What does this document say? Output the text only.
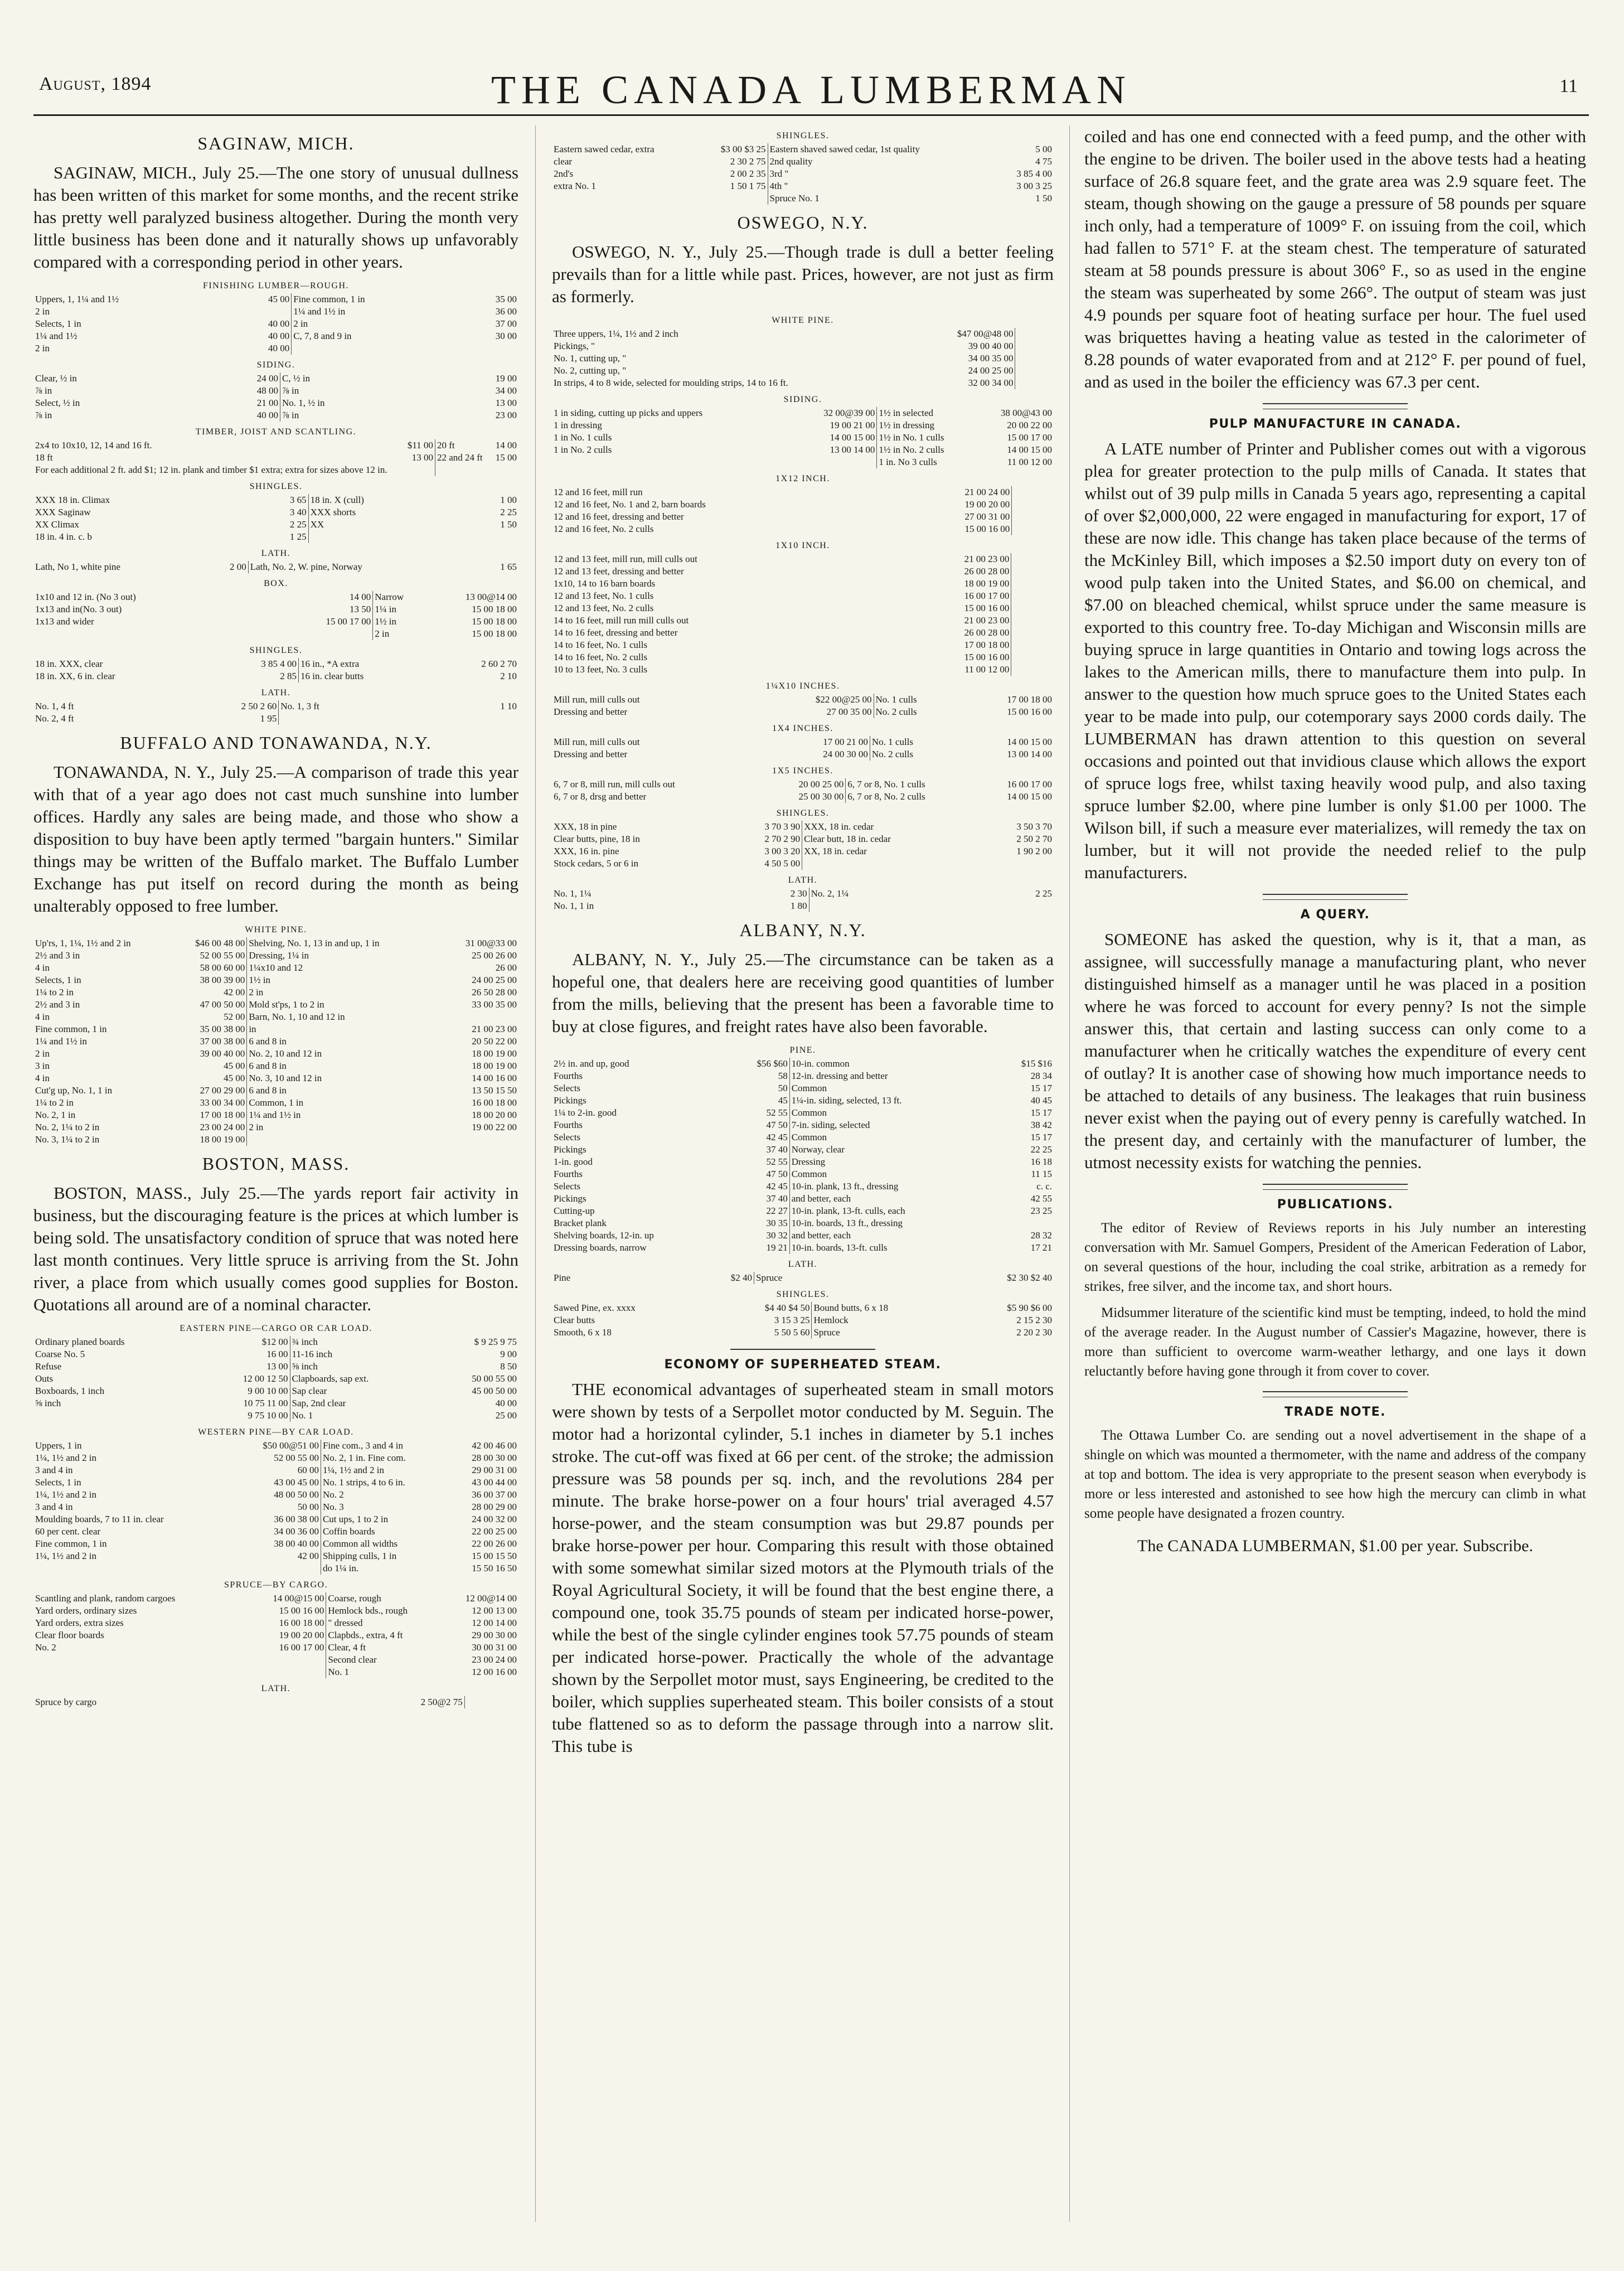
August, 1894	THE CANADA LUMBERMAN	11
SAGINAW, MICH.

SAGINAW, MICH., July 25.—The one story of unusual dullness has been written of this market for some months, and the recent strike has pretty well paralyzed business altogether. During the month very little business has been done and it naturally shows up unfavorably compared with a corresponding period in other years.

FINISHING LUMBER—ROUGH.
Uppers, 1, 1¼ and 1½	45 00	Fine common, 1 in	35 00
2 in		1¼ and 1½ in	36 00
Selects, 1 in	40 00	2 in	37 00
1¼ and 1½	40 00	C, 7, 8 and 9 in	30 00
2 in	40 00		
SIDING.
Clear, ½ in	24 00	C, ½ in	19 00
⅞ in	48 00	⅞ in	34 00
Select, ½ in	21 00	No. 1, ½ in	13 00
⅞ in	40 00	⅞ in	23 00
TIMBER, JOIST AND SCANTLING.
2x4 to 10x10, 12, 14 and 16 ft.	$11 00	20 ft	14 00
18 ft	13 00	22 and 24 ft	15 00
For each additional 2 ft. add $1; 12 in. plank and timber $1 extra; extra for sizes above 12 in.			
SHINGLES.
XXX 18 in. Climax	3 65	18 in. X (cull)	1 00
XXX Saginaw	3 40	XXX shorts	2 25
XX Climax	2 25	XX	1 50
18 in. 4 in. c. b	1 25		
LATH.
Lath, No 1, white pine	2 00	Lath, No. 2, W. pine, Norway	1 65
BOX.
1x10 and 12 in. (No 3 out)	14 00	Narrow	13 00@14 00
1x13 and in(No. 3 out)	13 50	1¼ in	15 00 18 00
1x13 and wider	15 00 17 00	1½ in	15 00 18 00
		2 in	15 00 18 00
SHINGLES.
18 in. XXX, clear	3 85 4 00	16 in., *A extra	2 60 2 70
18 in. XX, 6 in. clear	2 85	16 in. clear butts	2 10
LATH.
No. 1, 4 ft	2 50 2 60	No. 1, 3 ft	1 10
No. 2, 4 ft	1 95		
BUFFALO AND TONAWANDA, N.Y.

TONAWANDA, N. Y., July 25.—A comparison of trade this year with that of a year ago does not cast much sunshine into lumber offices. Hardly any sales are being made, and those who show a disposition to buy have been aptly termed "bargain hunters." Similar things may be written of the Buffalo market. The Buffalo Lumber Exchange has put itself on record during the month as being unalterably opposed to free lumber.

WHITE PINE.
Up'rs, 1, 1¼, 1½ and 2 in	$46 00 48 00	Shelving, No. 1, 13 in and up, 1 in	31 00@33 00
2½ and 3 in	52 00 55 00	Dressing, 1¼ in	25 00 26 00
4 in	58 00 60 00	1¼x10 and 12	26 00
Selects, 1 in	38 00 39 00	1½ in	24 00 25 00
1¼ to 2 in	42 00	2 in	26 50 28 00
2½ and 3 in	47 00 50 00	Mold st'ps, 1 to 2 in	33 00 35 00
4 in	52 00	Barn, No. 1, 10 and 12 in	
Fine common, 1 in	35 00 38 00	in	21 00 23 00
1¼ and 1½ in	37 00 38 00	6 and 8 in	20 50 22 00
2 in	39 00 40 00	No. 2, 10 and 12 in	18 00 19 00
3 in	45 00	6 and 8 in	18 00 19 00
4 in	45 00	No. 3, 10 and 12 in	14 00 16 00
Cut'g up, No. 1, 1 in	27 00 29 00	6 and 8 in	13 50 15 50
1¼ to 2 in	33 00 34 00	Common, 1 in	16 00 18 00
No. 2, 1 in	17 00 18 00	1¼ and 1½ in	18 00 20 00
No. 2, 1¼ to 2 in	23 00 24 00	2 in	19 00 22 00
No. 3, 1¼ to 2 in	18 00 19 00		
BOSTON, MASS.

BOSTON, MASS., July 25.—The yards report fair activity in business, but the discouraging feature is the prices at which lumber is being sold. The unsatisfactory condition of spruce that was noted here last month continues. Very little spruce is arriving from the St. John river, a place from which usually comes good supplies for Boston. Quotations all around are of a nominal character.

EASTERN PINE—CARGO OR CAR LOAD.
Ordinary planed boards	$12 00	¾ inch	$ 9 25 9 75
Coarse No. 5	16 00	11-16 inch	9 00
Refuse	13 00	⅝ inch	8 50
Outs	12 00 12 50	Clapboards, sap ext.	50 00 55 00
Boxboards, 1 inch	9 00 10 00	Sap clear	45 00 50 00
⅝ inch	10 75 11 00	Sap, 2nd clear	40 00
	9 75 10 00	No. 1	25 00
WESTERN PINE—BY CAR LOAD.
Uppers, 1 in	$50 00@51 00	Fine com., 3 and 4 in	42 00 46 00
1¼, 1½ and 2 in	52 00 55 00	No. 2, 1 in. Fine com.	28 00 30 00
3 and 4 in	60 00	1¼, 1½ and 2 in	29 00 31 00
Selects, 1 in	43 00 45 00	No. 1 strips, 4 to 6 in.	43 00 44 00
1¼, 1½ and 2 in	48 00 50 00	No. 2	36 00 37 00
3 and 4 in	50 00	No. 3	28 00 29 00
Moulding boards, 7 to 11 in. clear	36 00 38 00	Cut ups, 1 to 2 in	24 00 32 00
60 per cent. clear	34 00 36 00	Coffin boards	22 00 25 00
Fine common, 1 in	38 00 40 00	Common all widths	22 00 26 00
1¼, 1½ and 2 in	42 00	Shipping culls, 1 in	15 00 15 50
		do 1¼ in.	15 50 16 50
SPRUCE—BY CARGO.
Scantling and plank, random cargoes	14 00@15 00	Coarse, rough	12 00@14 00
Yard orders, ordinary sizes	15 00 16 00	Hemlock bds., rough	12 00 13 00
Yard orders, extra sizes	16 00 18 00	" dressed	12 00 14 00
Clear floor boards	19 00 20 00	Clapbds., extra, 4 ft	29 00 30 00
No. 2	16 00 17 00	Clear, 4 ft	30 00 31 00
		Second clear	23 00 24 00
		No. 1	12 00 16 00
LATH.
Spruce by cargo	2 50@2 75		
SHINGLES.
Eastern sawed cedar, extra	$3 00 $3 25	Eastern shaved sawed cedar, 1st quality	5 00
clear	2 30 2 75	2nd quality	4 75
2nd's	2 00 2 35	3rd "	3 85 4 00
extra No. 1	1 50 1 75	4th "	3 00 3 25
		Spruce No. 1	1 50
OSWEGO, N.Y.

OSWEGO, N. Y., July 25.—Though trade is dull a better feeling prevails than for a little while past. Prices, however, are not just as firm as formerly.

WHITE PINE.
Three uppers, 1¼, 1½ and 2 inch	$47 00@48 00		
Pickings, "	39 00 40 00		
No. 1, cutting up, "	34 00 35 00		
No. 2, cutting up, "	24 00 25 00		
In strips, 4 to 8 wide, selected for moulding strips, 14 to 16 ft.	32 00 34 00		
SIDING.
1 in siding, cutting up picks and uppers	32 00@39 00	1½ in selected	38 00@43 00
1 in dressing	19 00 21 00	1½ in dressing	20 00 22 00
1 in No. 1 culls	14 00 15 00	1½ in No. 1 culls	15 00 17 00
1 in No. 2 culls	13 00 14 00	1½ in No. 2 culls	14 00 15 00
		1 in. No 3 culls	11 00 12 00
1X12 INCH.
12 and 16 feet, mill run	21 00 24 00		
12 and 16 feet, No. 1 and 2, barn boards	19 00 20 00		
12 and 16 feet, dressing and better	27 00 31 00		
12 and 16 feet, No. 2 culls	15 00 16 00		
1X10 INCH.
12 and 13 feet, mill run, mill culls out	21 00 23 00		
12 and 13 feet, dressing and better	26 00 28 00		
1x10, 14 to 16 barn boards	18 00 19 00		
12 and 13 feet, No. 1 culls	16 00 17 00		
12 and 13 feet, No. 2 culls	15 00 16 00		
14 to 16 feet, mill run mill culls out	21 00 23 00		
14 to 16 feet, dressing and better	26 00 28 00		
14 to 16 feet, No. 1 culls	17 00 18 00		
14 to 16 feet, No. 2 culls	15 00 16 00		
10 to 13 feet, No. 3 culls	11 00 12 00		
1¼X10 INCHES.
Mill run, mill culls out	$22 00@25 00	No. 1 culls	17 00 18 00
Dressing and better	27 00 35 00	No. 2 culls	15 00 16 00
1X4 INCHES.
Mill run, mill culls out	17 00 21 00	No. 1 culls	14 00 15 00
Dressing and better	24 00 30 00	No. 2 culls	13 00 14 00
1X5 INCHES.
6, 7 or 8, mill run, mill culls out	20 00 25 00	6, 7 or 8, No. 1 culls	16 00 17 00
6, 7 or 8, drsg and better	25 00 30 00	6, 7 or 8, No. 2 culls	14 00 15 00
SHINGLES.
XXX, 18 in pine	3 70 3 90	XXX, 18 in. cedar	3 50 3 70
Clear butts, pine, 18 in	2 70 2 90	Clear butt, 18 in. cedar	2 50 2 70
XXX, 16 in. pine	3 00 3 20	XX, 18 in. cedar	1 90 2 00
Stock cedars, 5 or 6 in	4 50 5 00		
LATH.
No. 1, 1¼	2 30	No. 2, 1¼	2 25
No. 1, 1 in	1 80		
ALBANY, N.Y.

ALBANY, N. Y., July 25.—The circumstance can be taken as a hopeful one, that dealers here are receiving good quantities of lumber from the mills, believing that the present has been a favorable time to buy at close figures, and freight rates have also been favorable.

PINE.
2½ in. and up, good	$56 $60	10-in. common	$15 $16
Fourths	58	12-in. dressing and better	28 34
Selects	50	Common	15 17
Pickings	45	1¼-in. siding, selected, 13 ft.	40 45
1¼ to 2-in. good	52 55	Common	15 17
Fourths	47 50	7-in. siding, selected	38 42
Selects	42 45	Common	15 17
Pickings	37 40	Norway, clear	22 25
1-in. good	52 55	Dressing	16 18
Fourths	47 50	Common	11 15
Selects	42 45	10-in. plank, 13 ft., dressing	c. c.
Pickings	37 40	and better, each	42 55
Cutting-up	22 27	10-in. plank, 13-ft. culls, each	23 25
Bracket plank	30 35	10-in. boards, 13 ft., dressing	
Shelving boards, 12-in. up	30 32	and better, each	28 32
Dressing boards, narrow	19 21	10-in. boards, 13-ft. culls	17 21
LATH.
Pine	$2 40	Spruce	$2 30 $2 40
SHINGLES.
Sawed Pine, ex. xxxx	$4 40 $4 50	Bound butts, 6 x 18	$5 90 $6 00
Clear butts	3 15 3 25	Hemlock	2 15 2 30
Smooth, 6 x 18	5 50 5 60	Spruce	2 20 2 30
ECONOMY OF SUPERHEATED STEAM.

THE economical advantages of superheated steam in small motors were shown by tests of a Serpollet motor conducted by M. Seguin. The motor had a horizontal cylinder, 5.1 inches in diameter by 5.1 inches stroke. The cut-off was fixed at 66 per cent. of the stroke; the admission pressure was 58 pounds per sq. inch, and the revolutions 284 per minute. The brake horse-power on a four hours' trial averaged 4.57 horse-power, and the steam consumption was but 29.87 pounds per brake horse-power per hour. Comparing this result with those obtained with some somewhat similar sized motors at the Plymouth trials of the Royal Agricultural Society, it will be found that the best engine there, a compound one, took 35.75 pounds of steam per indicated horse-power, while the best of the single cylinder engines took 57.75 pounds of steam per indicated horse-power. Practically the whole of the advantage shown by the Serpollet motor must, says Engineering, be credited to the boiler, which supplies superheated steam. This boiler consists of a stout tube flattened so as to deform the passage through into a narrow slit. This tube is

coiled and has one end connected with a feed pump, and the other with the engine to be driven. The boiler used in the above tests had a heating surface of 26.8 square feet, and the grate area was 2.9 square feet. The steam, though showing on the gauge a pressure of 58 pounds per square inch only, had a temperature of 1009° F. on issuing from the coil, which had fallen to 571° F. at the steam chest. The temperature of saturated steam at 58 pounds pressure is about 306° F., so as used in the engine the steam was superheated by some 266°. The output of steam was just 4.9 pounds per square foot of heating surface per hour. The fuel used was briquettes having a heating value as tested in the calorimeter of 8.28 pounds of water evaporated from and at 212° F. per pound of fuel, and as used in the boiler the efficiency was 67.3 per cent.

PULP MANUFACTURE IN CANADA.

A LATE number of Printer and Publisher comes out with a vigorous plea for greater protection to the pulp mills of Canada. It states that whilst out of 39 pulp mills in Canada 5 years ago, representing a capital of over $2,000,000, 22 were engaged in manufacturing for export, 17 of these are now idle. This change has taken place because of the terms of the McKinley Bill, which imposes a $2.50 import duty on every ton of wood pulp taken into the United States, and $6.00 on chemical, and $7.00 on bleached chemical, whilst spruce under the same measure is exported to this country free. To-day Michigan and Wisconsin mills are buying spruce in large quantities in Ontario and towing logs across the lakes to the American mills, there to manufacture them into pulp. In answer to the question how much spruce goes to the United States each year to be made into pulp, our cotemporary says 2000 cords daily. The LUMBERMAN has drawn attention to this question on several occasions and pointed out that invidious clause which allows the export of spruce logs free, whilst taxing heavily wood pulp, and also taxing spruce lumber $2.00, where pine lumber is only $1.00 per 1000. The Wilson bill, if such a measure ever materializes, will remedy the tax on lumber, but it will not provide the needed relief to the pulp manufacturers.

A QUERY.

SOMEONE has asked the question, why is it, that a man, as assignee, will successfully manage a manufacturing plant, who never distinguished himself as a manager until he was placed in a position where he was forced to account for every penny? Is not the simple answer this, that certain and lasting success can only come to a manufacturer when he critically watches the expenditure of every cent of outlay? It is another case of showing how much importance needs to be attached to details of any business. The leakages that ruin business never exist when the paying out of every penny is carefully watched. In the present day, and certainly with the manufacturer of lumber, the utmost necessity exists for watching the pennies.

PUBLICATIONS.

The editor of Review of Reviews reports in his July number an interesting conversation with Mr. Samuel Gompers, President of the American Federation of Labor, on several questions of the hour, including the coal strike, arbitration as a remedy for strikes, free silver, and the income tax, and short hours.

Midsummer literature of the scientific kind must be tempting, indeed, to hold the mind of the average reader. In the August number of Cassier's Magazine, however, there is more than sufficient to overcome warm-weather lethargy, and one lays it down reluctantly before having gone through it from cover to cover.

TRADE NOTE.

The Ottawa Lumber Co. are sending out a novel advertisement in the shape of a shingle on which was mounted a thermometer, with the name and address of the company at top and bottom. The idea is very appropriate to the present season when everybody is more or less interested and astonished to see how high the mercury can climb in what some people have designated a frozen country.

The CANADA LUMBERMAN, $1.00 per year. Subscribe.
